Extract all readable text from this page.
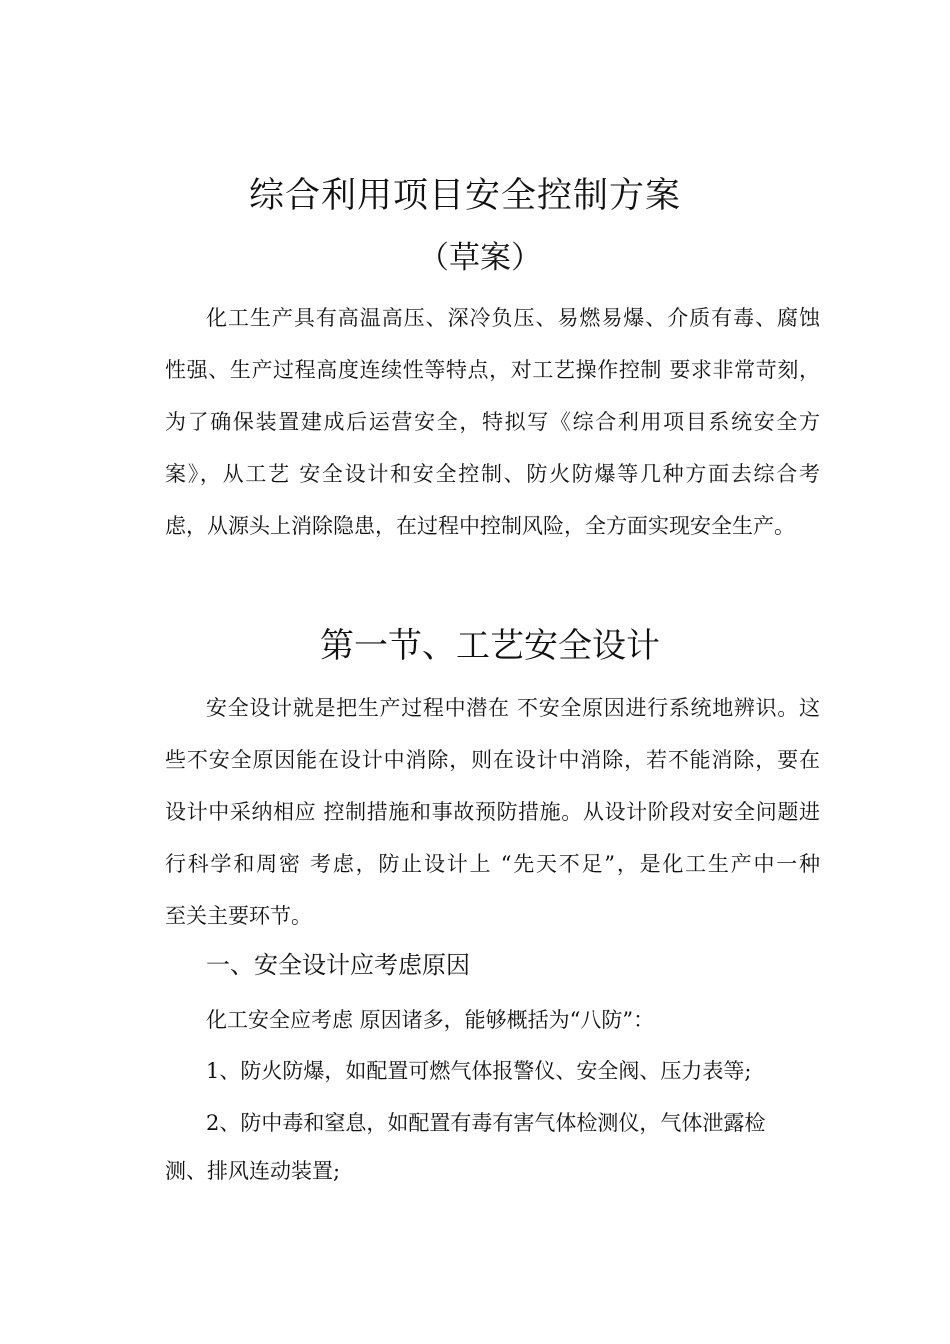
综合利用项目安全控制方案
（草案）
化工生产具有高温高压、深冷负压、易燃易爆、介质有毒、腐蚀
性强、生产过程高度连续性等特点，对工艺操作控制 要求非常苛刻，
为了确保装置建成后运营安全，特拟写《综合利用项目系统安全方
案》，从工艺 安全设计和安全控制、防火防爆等几种方面去综合考
虑，从源头上消除隐患，在过程中控制风险，全方面实现安全生产。
第一节、工艺安全设计
安全设计就是把生产过程中潜在 不安全原因进行系统地辨识。这
些不安全原因能在设计中消除，则在设计中消除，若不能消除，要在
设计中采纳相应 控制措施和事故预防措施。从设计阶段对安全问题进
行科学和周密 考虑，防止设计上 “先天不足”，是化工生产中一种
至关主要环节。
一、安全设计应考虑原因
化工安全应考虑 原因诸多，能够概括为“八防”：
1、防火防爆，如配置可燃气体报警仪、安全阀、压力表等;
2、防中毒和窒息，如配置有毒有害气体检测仪，气体泄露检
测、排风连动装置;
